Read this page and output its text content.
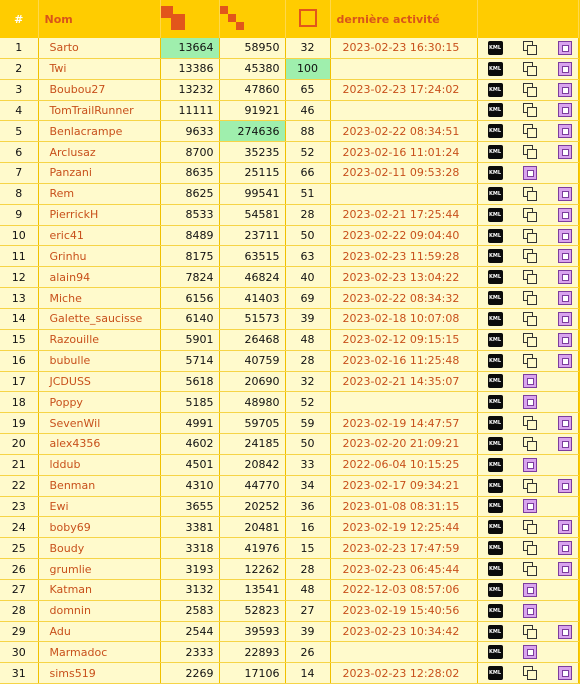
#	Nom				dernière activité	
1	Sarto	13664	58950	32	2023-02-23 16:30:15	KML

2	Twi	13386	45380	100		KML

3	Boubou27	13232	47860	65	2023-02-23 17:24:02	KML

4	TomTrailRunner	11111	91921	46		KML

5	Benlacrampe	9633	274636	88	2023-02-22 08:34:51	KML

6	Arclusaz	8700	35235	52	2023-02-16 11:01:24	KML

7	Panzani	8635	25115	66	2023-02-11 09:53:28	KML

8	Rem	8625	99541	51		KML

9	PierrickH	8533	54581	28	2023-02-21 17:25:44	KML

10	eric41	8489	23711	50	2023-02-22 09:04:40	KML

11	Grinhu	8175	63515	63	2023-02-23 11:59:28	KML

12	alain94	7824	46824	40	2023-02-23 13:04:22	KML

13	Miche	6156	41403	69	2023-02-22 08:34:32	KML

14	Galette_saucisse	6140	51573	39	2023-02-18 10:07:08	KML

15	Razouille	5901	26468	48	2023-02-12 09:15:15	KML

16	bubulle	5714	40759	28	2023-02-16 11:25:48	KML

17	JCDUSS	5618	20690	32	2023-02-21 14:35:07	KML

18	Poppy	5185	48980	52		KML

19	SevenWil	4991	59705	59	2023-02-19 14:47:57	KML

20	alex4356	4602	24185	50	2023-02-20 21:09:21	KML

21	lddub	4501	20842	33	2022-06-04 10:15:25	KML

22	Benman	4310	44770	34	2023-02-17 09:34:21	KML

23	Ewi	3655	20252	36	2023-01-08 08:31:15	KML

24	boby69	3381	20481	16	2023-02-19 12:25:44	KML

25	Boudy	3318	41976	15	2023-02-23 17:47:59	KML

26	grumlie	3193	12262	28	2023-02-23 06:45:44	KML

27	Katman	3132	13541	48	2022-12-03 08:57:06	KML

28	domnin	2583	52823	27	2023-02-19 15:40:56	KML

29	Adu	2544	39593	39	2023-02-23 10:34:42	KML

30	Marmadoc	2333	22893	26		KML

31	sims519	2269	17106	14	2023-02-23 12:28:02	KML
